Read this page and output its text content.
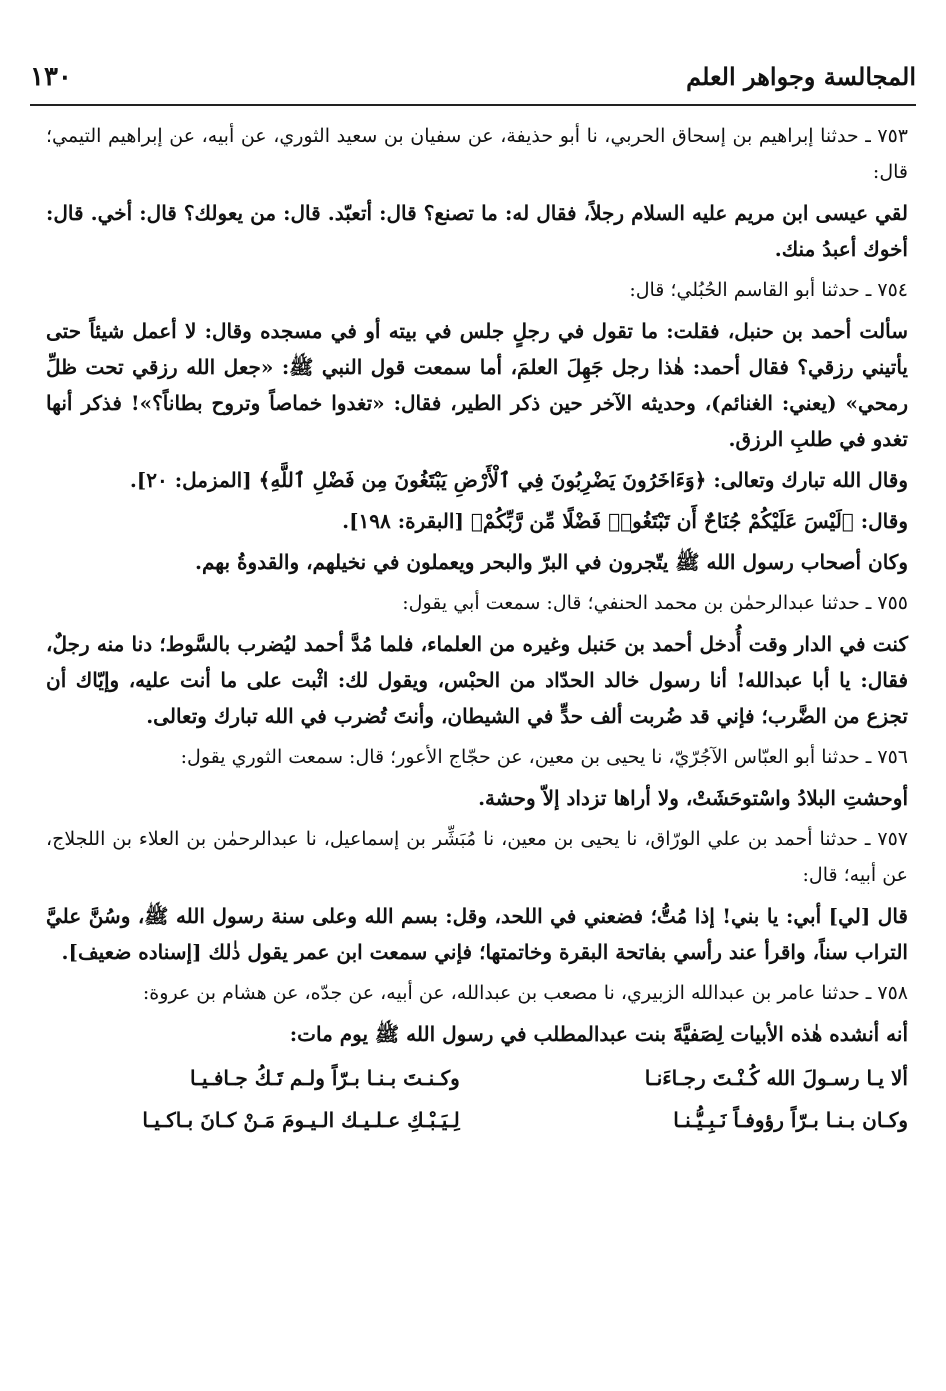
المجالسة وجواهر العلم
١٣٠

٧٥٣ ـ حدثنا إبراهيم بن إسحاق الحربي، نا أبو حذيفة، عن سفيان بن سعيد الثوري، عن أبيه، عن إبراهيم التيمي؛ قال:

لقي عيسى ابن مريم عليه السلام رجلاً، فقال له: ما تصنع؟ قال: أتعبّد. قال: من يعولك؟ قال: أخي. قال: أخوك أعبدُ منك.

٧٥٤ ـ حدثنا أبو القاسم الحُبُلي؛ قال:

سألت أحمد بن حنبل، فقلت: ما تقول في رجلٍ جلس في بيته أو في مسجده وقال: لا أعمل شيئاً حتى يأتيني رزقي؟ فقال أحمد: هٰذا رجل جَهِلَ العلمَ، أما سمعت قول النبي ﷺ: «جعل الله رزقي تحت ظلِّ رمحي» (يعني: الغنائم)، وحديثه الآخر حين ذكر الطير، فقال: «تغدوا خماصاً وتروح بطاناً؟»! فذكر أنها تغدو في طلبِ الرزق.

وقال الله تبارك وتعالى: ﴿وَءَاخَرُونَ يَضْرِبُونَ فِي ٱلْأَرْضِ يَبْتَغُونَ مِن فَضْلِ ٱللَّهِ﴾ [المزمل: ٢٠].

وقال: ﴿لَيْسَ عَلَيْكُمْ جُنَاحٌ أَن تَبْتَغُوا۟ فَضْلًا مِّن رَّبِّكُمْ﴾ [البقرة: ١٩٨].

وكان أصحاب رسول الله ﷺ يتّجرون في البرّ والبحر ويعملون في نخيلهم، والقدوةُ بهم.

٧٥٥ ـ حدثنا عبدالرحمٰن بن محمد الحنفي؛ قال: سمعت أبي يقول:

كنت في الدار وقت أُدخل أحمد بن حَنبل وغيره من العلماء، فلما مُدَّ أحمد ليُضرب بالسَّوط؛ دنا منه رجلٌ، فقال: يا أبا عبدالله! أنا رسول خالد الحدّاد من الحبْس، ويقول لك: اثْبت على ما أنت عليه، وإيّاك أن تجزع من الضَّرب؛ فإني قد ضُربت ألف حدٍّ في الشيطان، وأنتَ تُضرب في الله تبارك وتعالى.

٧٥٦ ـ حدثنا أبو العبّاس الآجُرّيّ، نا يحيى بن معين، عن حجّاج الأعور؛ قال: سمعت الثوري يقول:

أوحشتِ البلادُ واسْتوحَشَتْ، ولا أراها تزداد إلاّ وحشة.

٧٥٧ ـ حدثنا أحمد بن علي الورّاق، نا يحيى بن معين، نا مُبَشِّر بن إسماعيل، نا عبدالرحمٰن بن العلاء بن اللجلاج، عن أبيه؛ قال:

قال [لي] أبي: يا بني! إذا مُتُّ؛ فضعني في اللحد، وقل: بسم الله وعلى سنة رسول الله ﷺ، وسُنَّ عليَّ التراب سناً، واقرأ عند رأسي بفاتحة البقرة وخاتمتها؛ فإني سمعت ابن عمر يقول ذٰلك [إسناده ضعيف].

٧٥٨ ـ حدثنا عامر بن عبدالله الزبيري، نا مصعب بن عبدالله، عن أبيه، عن جدّه، عن هشام بن عروة:

أنه أنشده هٰذه الأبيات لِصَفيَّةَ بنت عبدالمطلب في رسول الله ﷺ يوم مات:

ألا يـا رسـولَ الله كُـنْـتَ رجـاءَنـا
وكـنـتَ بـنـا بـرّاً ولـم تَـكُ جـافـيـا
وكـان بـنـا بـرّاً رؤوفـاً نَـبِـيُّـنـا
لِـيَـبْـكِ عـلـيـك الـيـومَ مَـنْ كـانَ بـاكـيـا
